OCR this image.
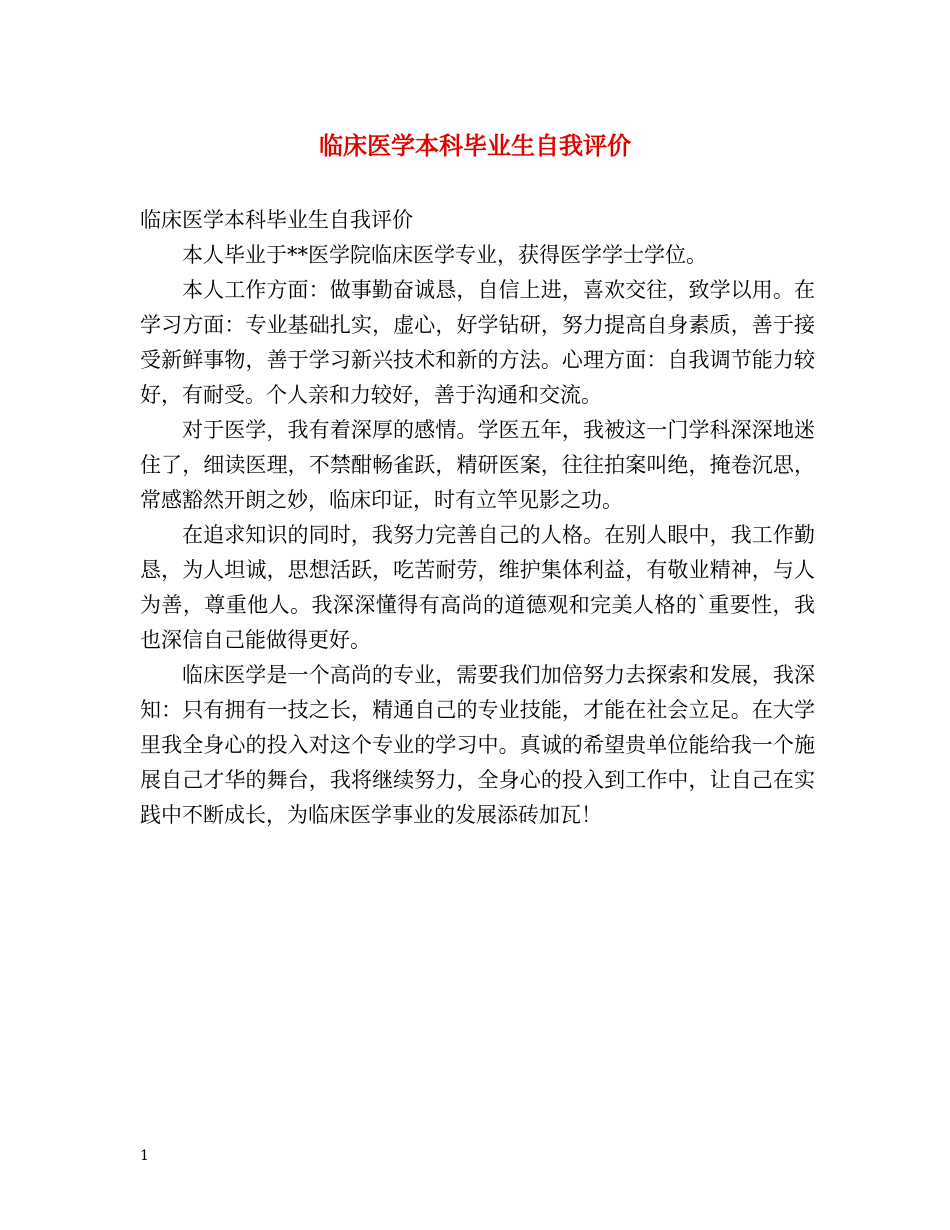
临床医学本科毕业生自我评价

临床医学本科毕业生自我评价

本人毕业于**医学院临床医学专业，获得医学学士学位。

本人工作方面：做事勤奋诚恳，自信上进，喜欢交往，致学以用。在学习方面：专业基础扎实，虚心，好学钻研，努力提高自身素质，善于接受新鲜事物，善于学习新兴技术和新的方法。心理方面：自我调节能力较好，有耐受。个人亲和力较好，善于沟通和交流。

对于医学，我有着深厚的感情。学医五年，我被这一门学科深深地迷住了，细读医理，不禁酣畅雀跃，精研医案，往往拍案叫绝，掩卷沉思，常感豁然开朗之妙，临床印证，时有立竿见影之功。

在追求知识的同时，我努力完善自己的人格。在别人眼中，我工作勤恳，为人坦诚，思想活跃，吃苦耐劳，维护集体利益，有敬业精神，与人为善，尊重他人。我深深懂得有高尚的道德观和完美人格的`重要性，我也深信自己能做得更好。

临床医学是一个高尚的专业，需要我们加倍努力去探索和发展，我深知：只有拥有一技之长，精通自己的专业技能，才能在社会立足。在大学里我全身心的投入对这个专业的学习中。真诚的希望贵单位能给我一个施展自己才华的舞台，我将继续努力，全身心的投入到工作中，让自己在实践中不断成长，为临床医学事业的发展添砖加瓦！

1
